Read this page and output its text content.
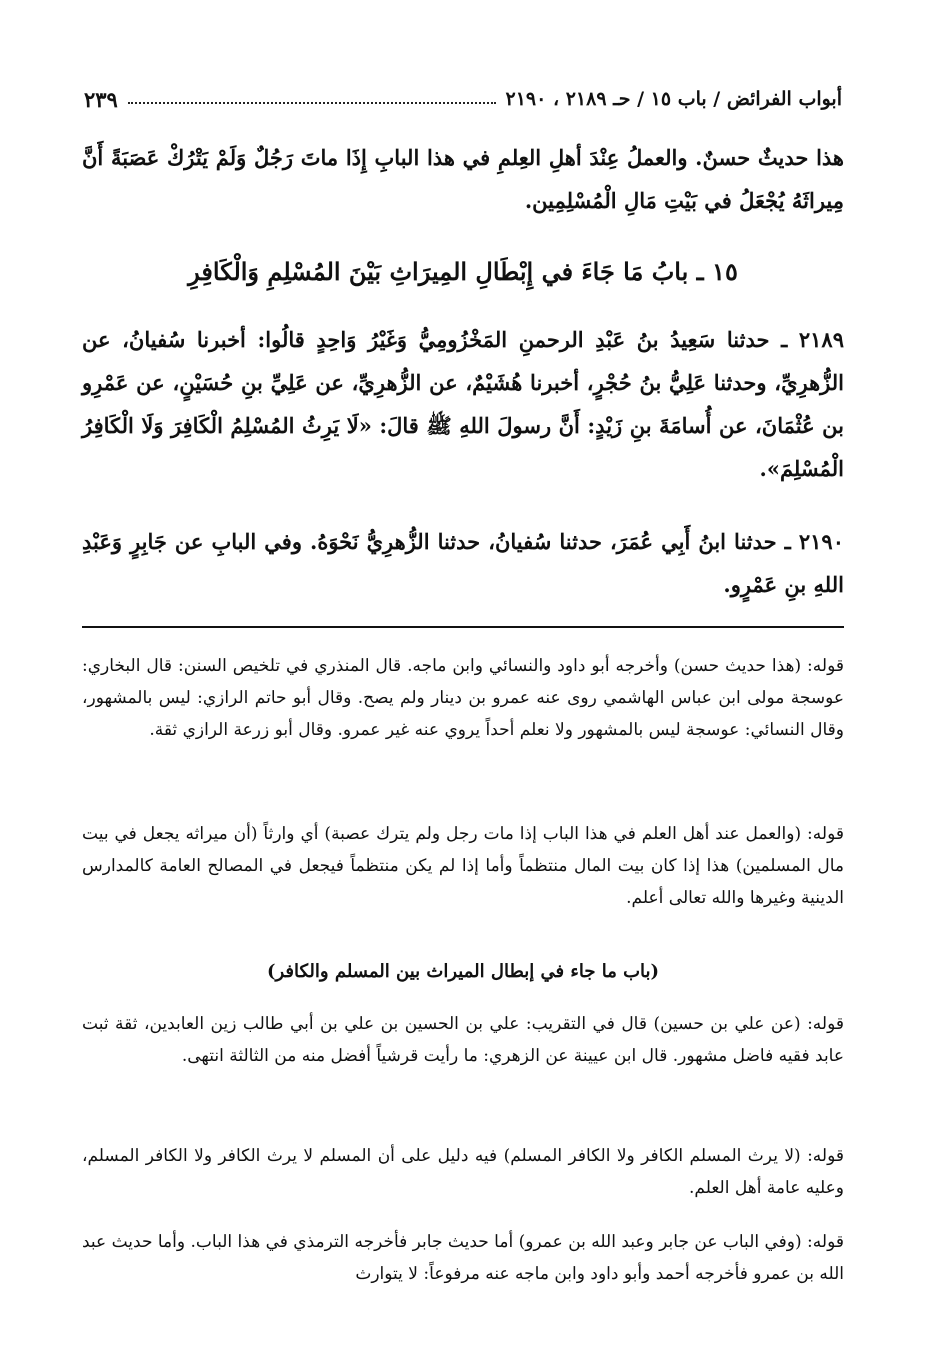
أبواب الفرائض / باب ١٥ / حـ ٢١٨٩ ، ٢١٩٠
٢٣٩
هذا حديثٌ حسنٌ. والعملُ عِنْدَ أهلِ العِلمِ في هذا البابِ إِذَا ماتَ رَجُلٌ وَلَمْ يَتْرُكْ عَصَبَةً أَنَّ مِيراثَهُ يُجْعَلُ في بَيْتِ مَالِ الْمُسْلِمِين.
١٥ ـ بابُ مَا جَاءَ في إِبْطَالِ المِيرَاثِ بَيْنَ المُسْلِمِ وَالْكَافِرِ
٢١٨٩ ـ حدثنا سَعِيدُ بنُ عَبْدِ الرحمنِ المَخْزُومِيُّ وَغَيْرُ وَاحِدٍ قالُوا: أخبرنا سُفيانُ، عن الزُّهرِيِّ، وحدثنا عَلِيُّ بنُ حُجْرٍ، أخبرنا هُشَيْمٌ، عن الزُّهرِيِّ، عن عَلِيِّ بنِ حُسَيْنٍ، عن عَمْرِو بن عُثْمَانَ، عن أُسامَةَ بنِ زَيْدٍ: أَنَّ رسولَ اللهِ ﷺ قالَ: «لَا يَرِثُ المُسْلِمُ الْكَافِرَ وَلَا الْكَافِرُ الْمُسْلِمَ».
٢١٩٠ ـ حدثنا ابنُ أَبِي عُمَرَ، حدثنا سُفيانُ، حدثنا الزُّهرِيُّ نَحْوَهُ. وفي البابِ عن جَابِرٍ وَعَبْدِ اللهِ بنِ عَمْرٍو.
قوله: (هذا حديث حسن) وأخرجه أبو داود والنسائي وابن ماجه. قال المنذري في تلخيص السنن: قال البخاري: عوسجة مولى ابن عباس الهاشمي روى عنه عمرو بن دينار ولم يصح. وقال أبو حاتم الرازي: ليس بالمشهور، وقال النسائي: عوسجة ليس بالمشهور ولا نعلم أحداً يروي عنه غير عمرو. وقال أبو زرعة الرازي ثقة.
قوله: (والعمل عند أهل العلم في هذا الباب إذا مات رجل ولم يترك عصبة) أي وارثاً (أن ميراثه يجعل في بيت مال المسلمين) هذا إذا كان بيت المال منتظماً وأما إذا لم يكن منتظماً فيجعل في المصالح العامة كالمدارس الدينية وغيرها والله تعالى أعلم.
(باب ما جاء في إبطال الميراث بين المسلم والكافر)
قوله: (عن علي بن حسين) قال في التقريب: علي بن الحسين بن علي بن أبي طالب زين العابدين، ثقة ثبت عابد فقيه فاضل مشهور. قال ابن عيينة عن الزهري: ما رأيت قرشياً أفضل منه من الثالثة انتهى.
قوله: (لا يرث المسلم الكافر ولا الكافر المسلم) فيه دليل على أن المسلم لا يرث الكافر ولا الكافر المسلم، وعليه عامة أهل العلم.
قوله: (وفي الباب عن جابر وعبد الله بن عمرو) أما حديث جابر فأخرجه الترمذي في هذا الباب. وأما حديث عبد الله بن عمرو فأخرجه أحمد وأبو داود وابن ماجه عنه مرفوعاً: لا يتوارث
